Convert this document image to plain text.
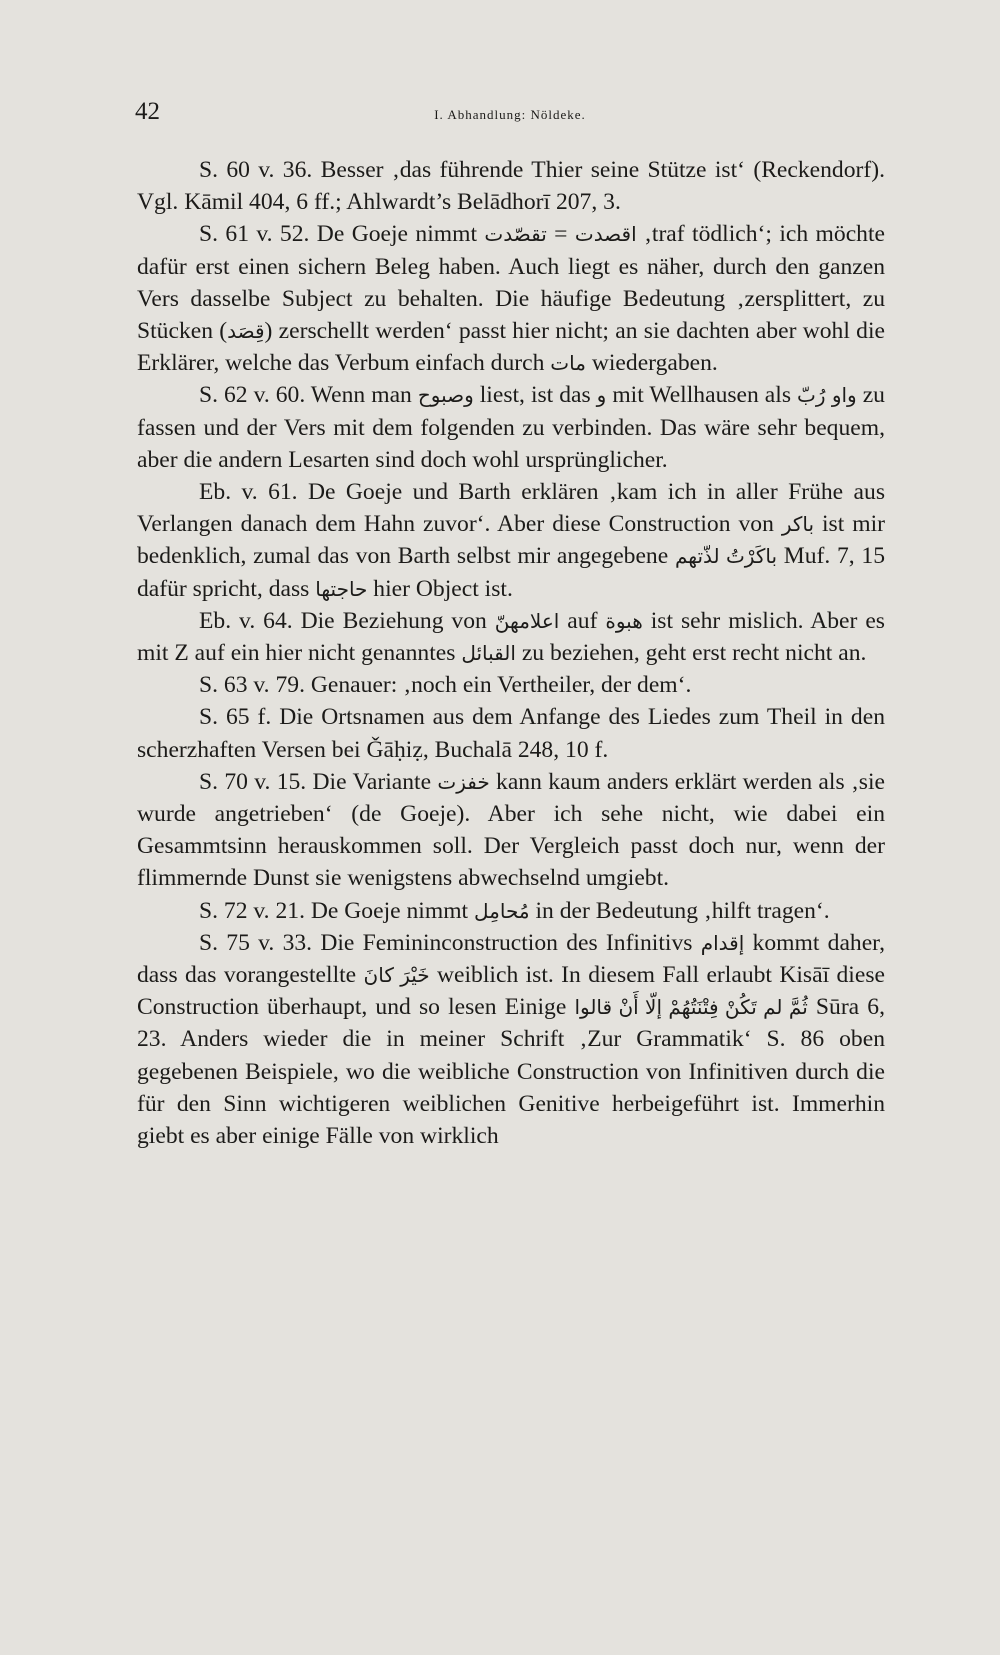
42	I. Abhandlung: Nöldeke.

S. 60 v. 36. Besser ‚das führende Thier seine Stütze ist‘ (Reckendorf). Vgl. Kāmil 404, 6 ff.; Ahlwardt’s Belādhorī 207, 3.

S. 61 v. 52. De Goeje nimmt تقصّدت = اقصدت ‚traf tödlich‘; ich möchte dafür erst einen sichern Beleg haben. Auch liegt es näher, durch den ganzen Vers dasselbe Subject zu behalten. Die häufige Bedeutung ‚zersplittert, zu Stücken (قِصَد) zerschellt werden‘ passt hier nicht; an sie dachten aber wohl die Erklärer, welche das Verbum einfach durch مات wiedergaben.

S. 62 v. 60. Wenn man وصبوح liest, ist das و mit Wellhausen als واو رُبّ zu fassen und der Vers mit dem folgenden zu verbinden. Das wäre sehr bequem, aber die andern Lesarten sind doch wohl ursprünglicher.

Eb. v. 61. De Goeje und Barth erklären ‚kam ich in aller Frühe aus Verlangen danach dem Hahn zuvor‘. Aber diese Construction von باكر ist mir bedenklich, zumal das von Barth selbst mir angegebene باكَرْتُ لذّتهم Muf. 7, 15 dafür spricht, dass حاجتها hier Object ist.

Eb. v. 64. Die Beziehung von اعلامهنّ auf هبوة ist sehr mislich. Aber es mit Z auf ein hier nicht genanntes القبائل zu beziehen, geht erst recht nicht an.

S. 63 v. 79. Genauer: ‚noch ein Vertheiler, der dem‘.

S. 65 f. Die Ortsnamen aus dem Anfange des Liedes zum Theil in den scherzhaften Versen bei Ǧāḥiẓ, Buchalā 248, 10 f.

S. 70 v. 15. Die Variante خفزت kann kaum anders erklärt werden als ‚sie wurde angetrieben‘ (de Goeje). Aber ich sehe nicht, wie dabei ein Gesammtsinn herauskommen soll. Der Vergleich passt doch nur, wenn der flimmernde Dunst sie wenigstens abwechselnd umgiebt.

S. 72 v. 21. De Goeje nimmt مُحامِل in der Bedeutung ‚hilft tragen‘.

S. 75 v. 33. Die Femininconstruction des Infinitivs إقدام kommt daher, dass das vorangestellte خَيْرَ كانَ weiblich ist. In diesem Fall erlaubt Kisāī diese Construction überhaupt, und so lesen Einige ثُمَّ لم تَكُنْ فِتْنَتُهُمْ إلّا أَنْ قالوا Sūra 6, 23. Anders wieder die in meiner Schrift ‚Zur Grammatik‘ S. 86 oben gegebenen Beispiele, wo die weibliche Construction von Infinitiven durch die für den Sinn wichtigeren weiblichen Genitive herbeigeführt ist. Immerhin giebt es aber einige Fälle von wirklich
